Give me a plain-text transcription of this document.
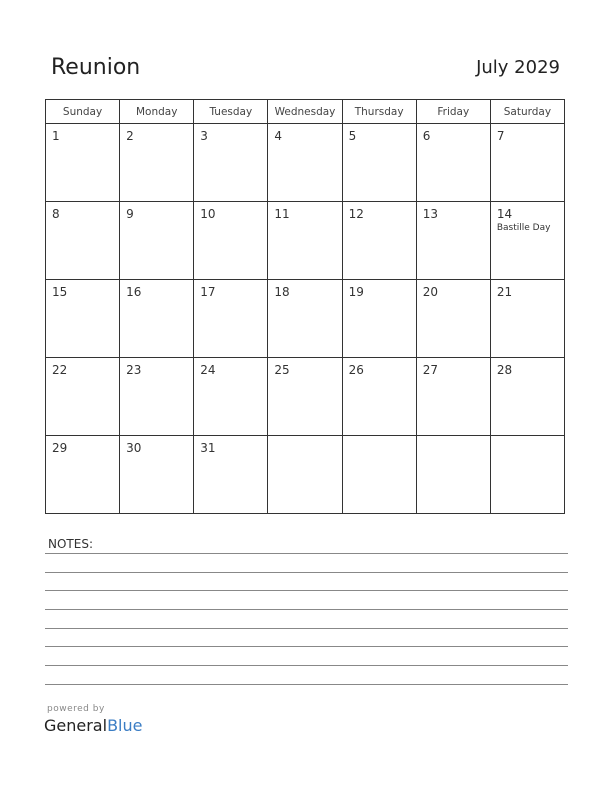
Reunion	July 2029
Sunday	Monday	Tuesday	Wednesday	Thursday	Friday	Saturday

1	2	3	4	5	6	7

8	9	10	11	12	13	14
Bastille Day

15	16	17	18	19	20	21

22	23	24	25	26	27	28

29	30	31				

NOTES:
powered by
GeneralBlue
